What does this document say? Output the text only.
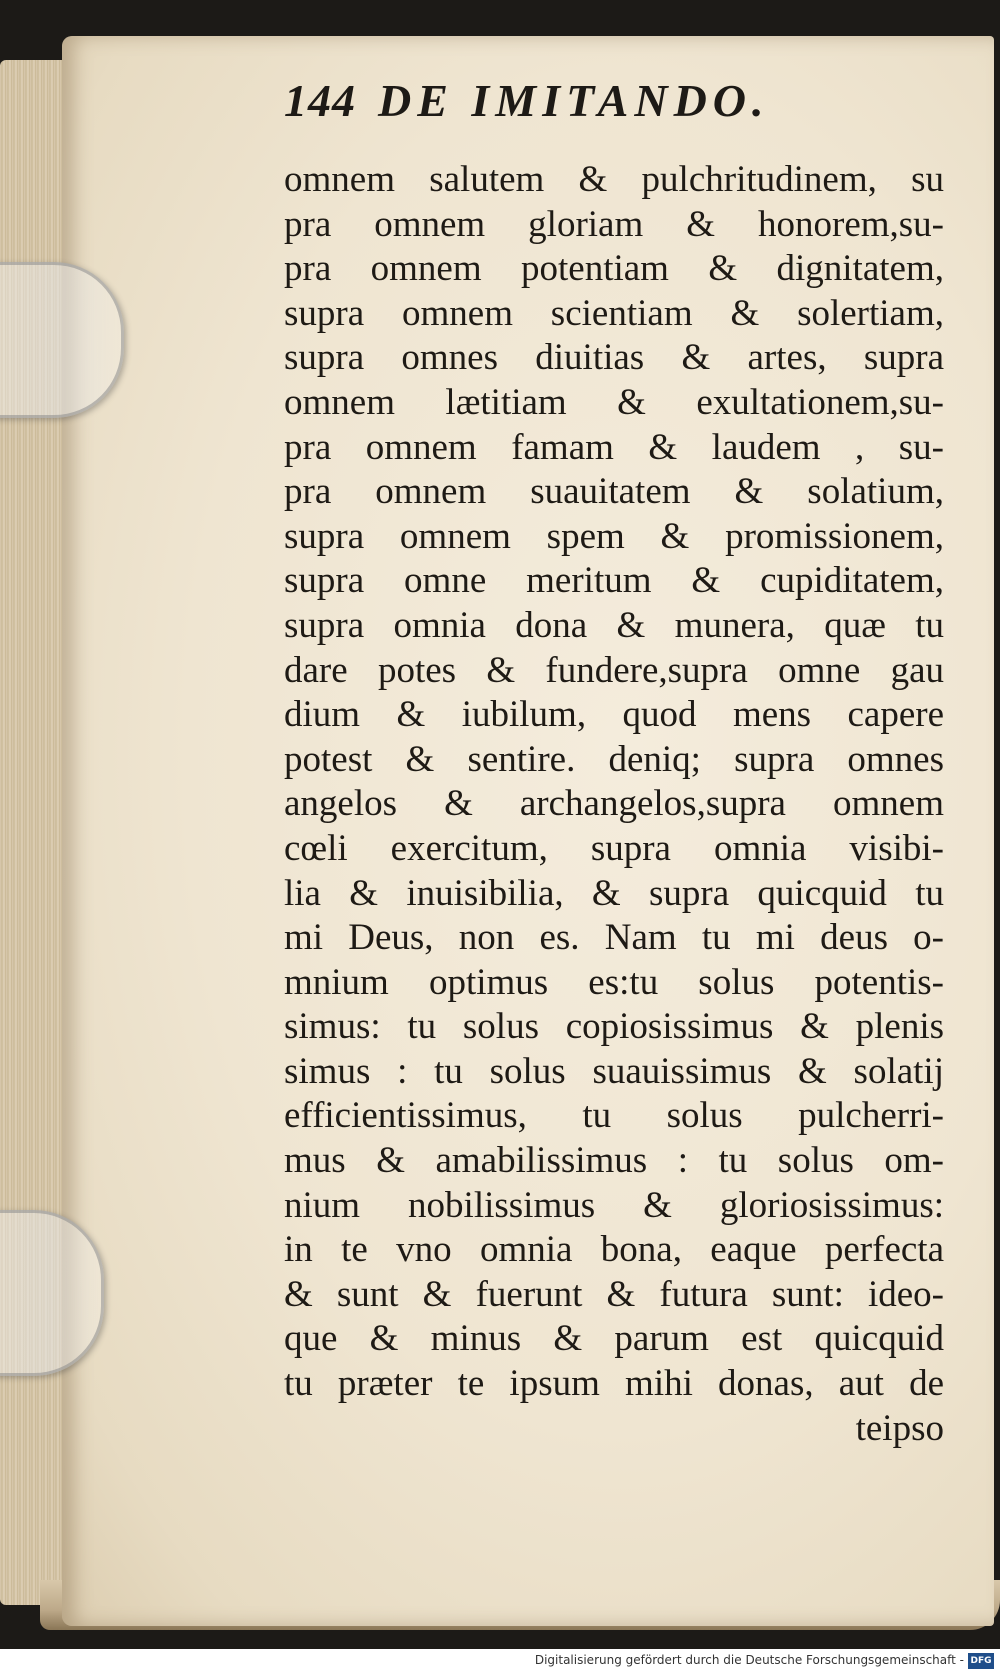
144 DE IMITANDO.
omnem salutem & pulchritudinem, su
pra omnem gloriam & honorem,su-
pra omnem potentiam & dignitatem,
supra omnem scientiam & solertiam,
supra omnes diuitias & artes, supra
omnem lætitiam & exultationem,su-
pra omnem famam & laudem , su-
pra omnem suauitatem & solatium,
supra omnem spem & promissionem,
supra omne meritum & cupiditatem,
supra omnia dona & munera, quæ tu
dare potes & fundere,supra omne gau
dium & iubilum, quod mens capere
potest & sentire. deniq; supra omnes
angelos & archangelos,supra omnem
cœli exercitum, supra omnia visibi-
lia & inuisibilia, & supra quicquid tu
mi Deus, non es. Nam tu mi deus o-
mnium optimus es:tu solus potentis-
simus: tu solus copiosissimus & plenis
simus : tu solus suauissimus & solatij
efficientissimus, tu solus pulcherri-
mus & amabilissimus : tu solus om-
nium nobilissimus & gloriosissimus:
in te vno omnia bona, eaque perfecta
& sunt & fuerunt & futura sunt: ideo-
que & minus & parum est quicquid
tu præter te ipsum mihi donas, aut de
teipso
Digitalisierung gefördert durch die Deutsche Forschungsgemeinschaft - DFG
